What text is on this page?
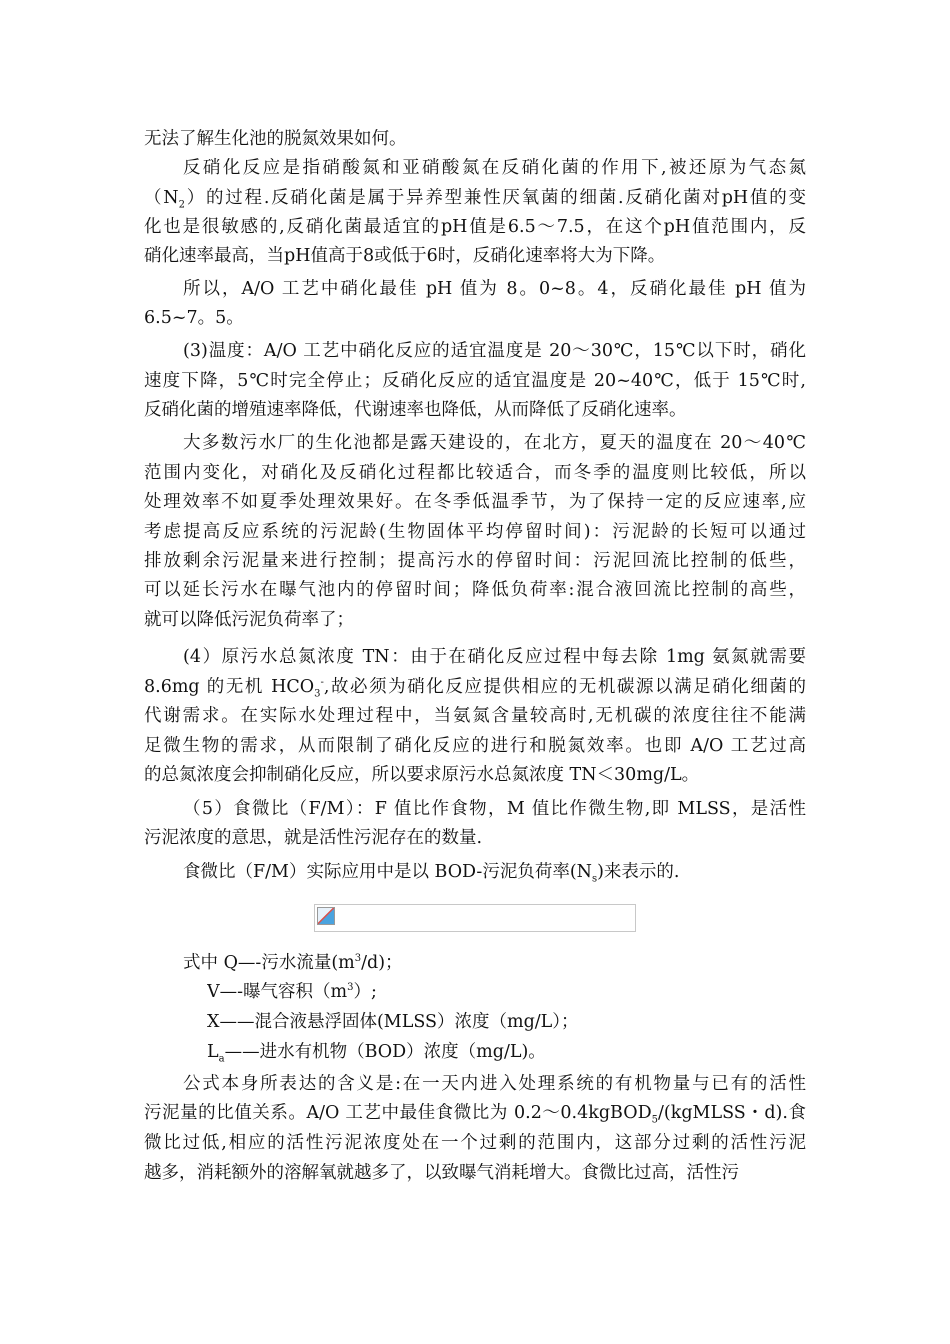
无法了解生化池的脱氮效果如何。
反硝化反应是指硝酸氮和亚硝酸氮在反硝化菌的作用下,被还原为气态氮
$(N_2)$的过程.反硝化菌是属于异养型兼性厌氧菌的细菌.反硝化菌对pH值的变
化也是很敏感的,反硝化菌最适宜的pH值是6.5～7.5，在这个pH值范围内，反
硝化速率最高，当pH值高于8或低于6时，反硝化速率将大为下降。
所以，A/O 工艺中硝化最佳 pH 值为 8。0~8。4，反硝化最佳 pH 值为
6.5~7。5。
(3)温度：A/O 工艺中硝化反应的适宜温度是 20～30℃，15℃以下时，硝化
速度下降，5℃时完全停止；反硝化反应的适宜温度是 20~40℃，低于 15℃时,
反硝化菌的增殖速率降低，代谢速率也降低，从而降低了反硝化速率。
大多数污水厂的生化池都是露天建设的，在北方，夏天的温度在 20～40℃
范围内变化，对硝化及反硝化过程都比较适合，而冬季的温度则比较低，所以
处理效率不如夏季处理效果好。在冬季低温季节，为了保持一定的反应速率,应
考虑提高反应系统的污泥龄(生物固体平均停留时间)：污泥龄的长短可以通过
排放剩余污泥量来进行控制；提高污水的停留时间：污泥回流比控制的低些，
可以延长污水在曝气池内的停留时间；降低负荷率:混合液回流比控制的高些，
就可以降低污泥负荷率了；
(4）原污水总氮浓度 TN：由于在硝化反应过程中每去除 1mg 氨氮就需要
8.6mg 的无机 $HCO_3^-$,故必须为硝化反应提供相应的无机碳源以满足硝化细菌的
代谢需求。在实际水处理过程中，当氨氮含量较高时,无机碳的浓度往往不能满
足微生物的需求，从而限制了硝化反应的进行和脱氮效率。也即 A/O 工艺过高
的总氮浓度会抑制硝化反应，所以要求原污水总氮浓度 TN＜30mg/L。
（5）食微比（F/M）：F 值比作食物，M 值比作微生物,即 MLSS，是活性
污泥浓度的意思，就是活性污泥存在的数量.
食微比（F/M）实际应用中是以 BOD-污泥负荷率$(N_s)$来表示的.
式中 Q—-污水流量$(m^3/d)$；
V—-曝气容积$(m^3)$;
X——混合液悬浮固体(MLSS）浓度（mg/L）；
$L_a——$进水有机物（BOD）浓度（mg/L)。
公式本身所表达的含义是:在一天内进入处理系统的有机物量与已有的活性
污泥量的比值关系。A/O 工艺中最佳食微比为 0.2～0.4kgBOD$_5$/(kgMLSS・d).食
微比过低,相应的活性污泥浓度处在一个过剩的范围内，这部分过剩的活性污泥
越多，消耗额外的溶解氧就越多了，以致曝气消耗增大。食微比过高，活性污
